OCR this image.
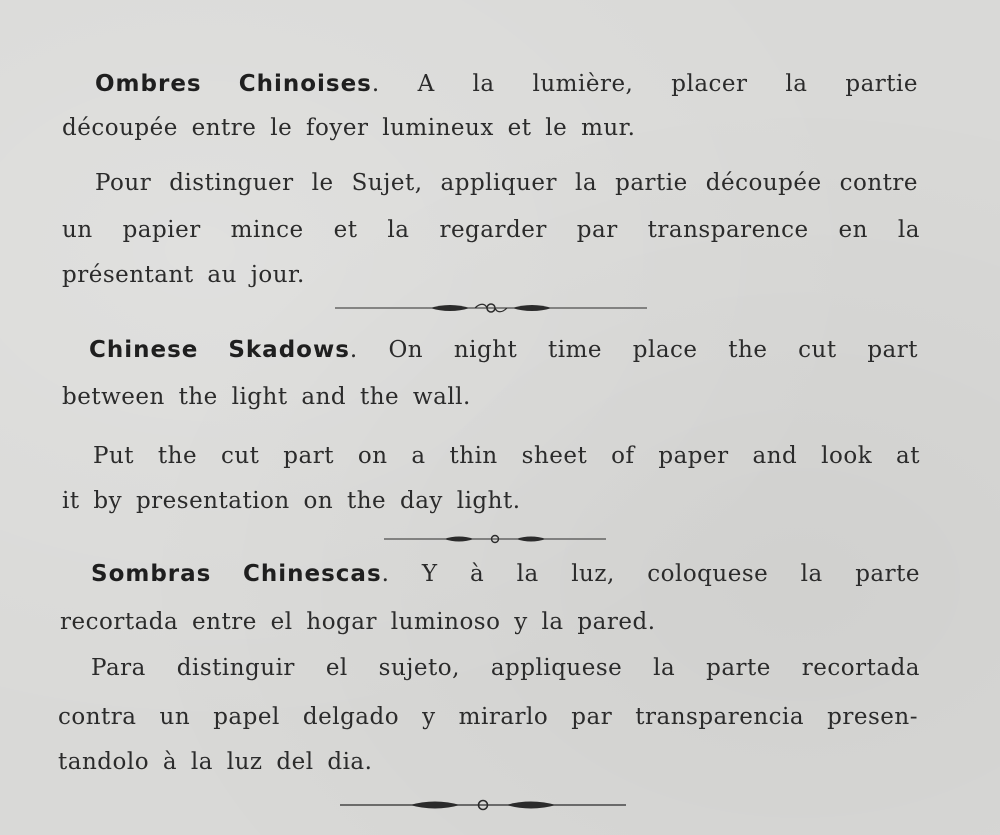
Ombres Chinoises. A la lumière, placer la partie
découpée entre le foyer lumineux et le mur.
Pour distinguer le Sujet, appliquer la partie découpée contre
un papier mince et la regarder par transparence en la
présentant au jour.
Chinese Skadows. On night time place the cut part
between the light and the wall.
Put the cut part on a thin sheet of paper and look at
it by presentation on the day light.
Sombras Chinescas. Y à la luz, coloquese la parte
recortada entre el hogar luminoso y la pared.
Para distinguir el sujeto, appliquese la parte recortada
contra un papel delgado y mirarlo par transparencia presen-
tandolo à la luz del dia.
